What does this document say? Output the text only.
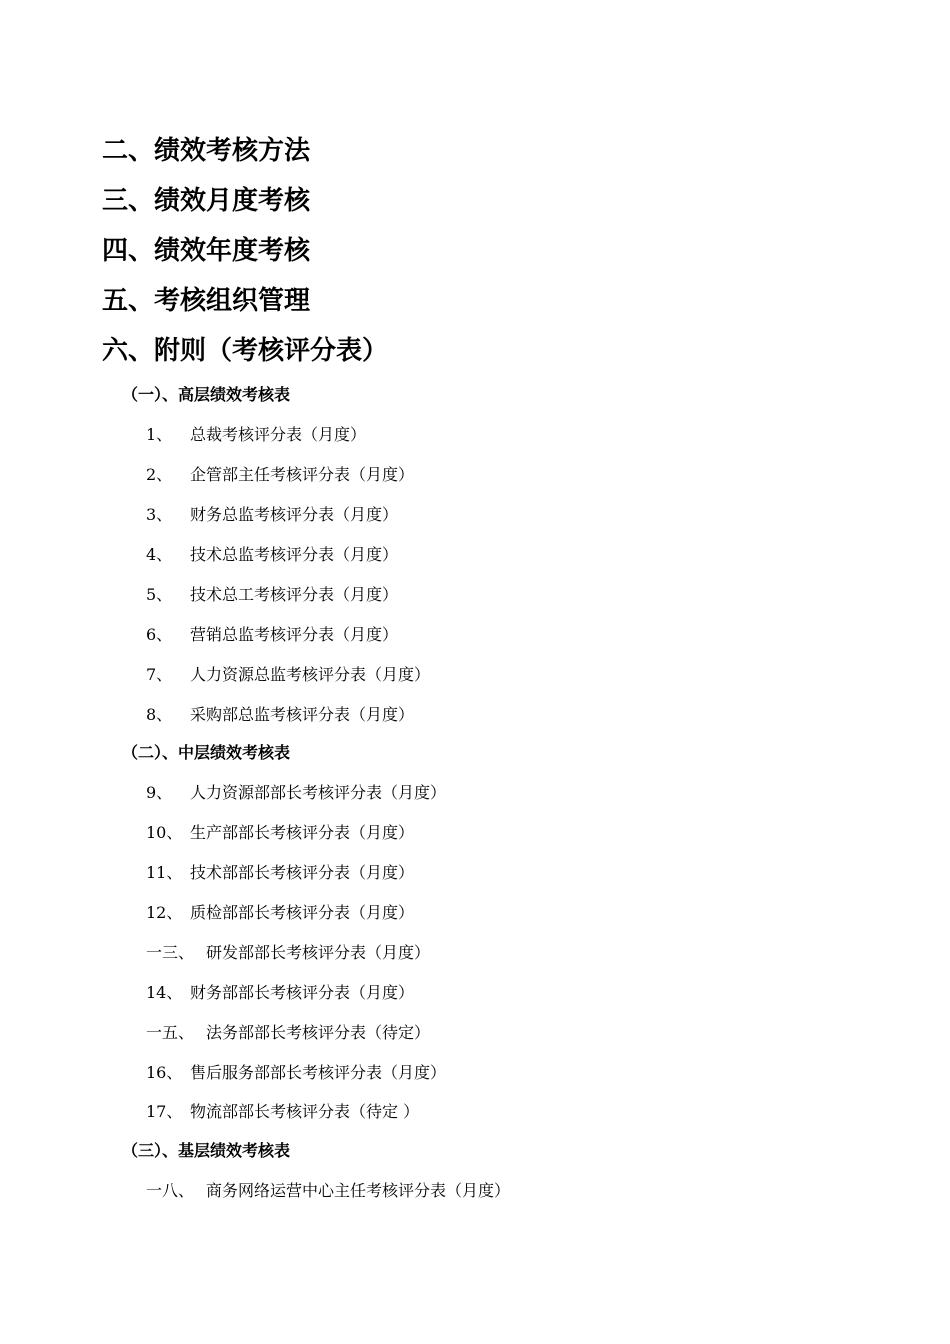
二、绩效考核方法
三、绩效月度考核
四、绩效年度考核
五、考核组织管理
六、附则（考核评分表）
（一）、高层绩效考核表
1、	总裁考核评分表（月度）
2、	企管部主任考核评分表（月度）
3、	财务总监考核评分表（月度）
4、	技术总监考核评分表（月度）
5、	技术总工考核评分表（月度）
6、	营销总监考核评分表（月度）
7、	人力资源总监考核评分表（月度）
8、	采购部总监考核评分表（月度）
（二）、中层绩效考核表
9、	人力资源部部长考核评分表（月度）
10、 生产部部长考核评分表（月度）
11、 技术部部长考核评分表（月度）
12、 质检部部长考核评分表（月度）
一三、 研发部部长考核评分表（月度）
14、 财务部部长考核评分表（月度）
一五、 法务部部长考核评分表（待定）
16、 售后服务部部长考核评分表（月度）
17、 物流部部长考核评分表（待定 ）
（三）、基层绩效考核表
一八、 商务网络运营中心主任考核评分表（月度）
